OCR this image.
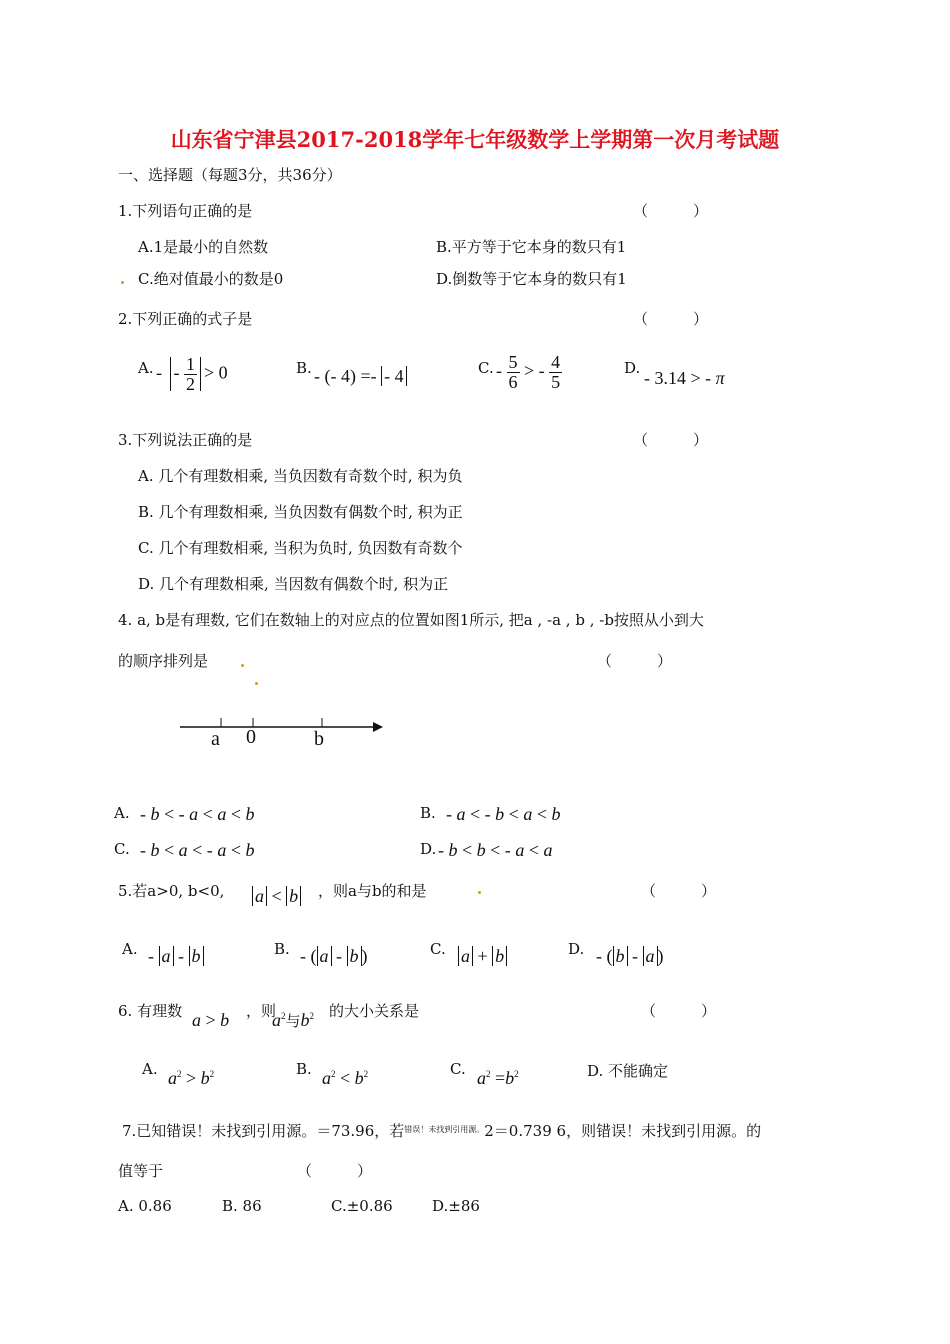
山东省宁津县2017-2018学年七年级数学上学期第一次月考试题
一、选择题（每题3分，共36分）
1.下列语句正确的是	（　　　）
A.1是最小的自然数	B.平方等于它本身的数只有1
C.绝对值最小的数是0	D.倒数等于它本身的数只有1
2.下列正确的式子是	（　　　）
A. - - $\frac{1}{2} > 0$	B. - (- 4) =- - 4	C. - $\frac{5}{6}$ > - $\frac{4}{5}$	D. - 3.14 > - π
3.下列说法正确的是	（　　　）
A. 几个有理数相乘, 当负因数有奇数个时, 积为负
B. 几个有理数相乘, 当负因数有偶数个时, 积为正
C. 几个有理数相乘, 当积为负时, 负因数有奇数个
D. 几个有理数相乘, 当因数有偶数个时, 积为正
4. a, b是有理数, 它们在数轴上的对应点的位置如图1所示, 把a , -a , b , -b按照从小到大
的顺序排列是	（　　　）
a 0	b
A. - b < - a < a < b	B. - a < - b < a < b
C. - b < a < - a < b	D. - b < b < - a < a
5.若a>0, b<0, a < b ，则a与b的和是	（　　　）
A. - a - b	B. - ( a - b )	C. a + b	D. - ( b - a )
6. 有理数 a > b ，则
$a^2$与$b^2$ 的大小关系是	（　　　）
A. $a^2 > b^2$	B. $a^2 < b^2$	C. $a^2 =b^2$	D. 不能确定
7.已知错误！未找到引用源。＝73.96，若$^{错误!未找到引用源。}$2＝0.739 6，则错误！未找到引用源。的
值等于	（　　　）
A. 0.86	B. 86	C.±0.86	D.±86
